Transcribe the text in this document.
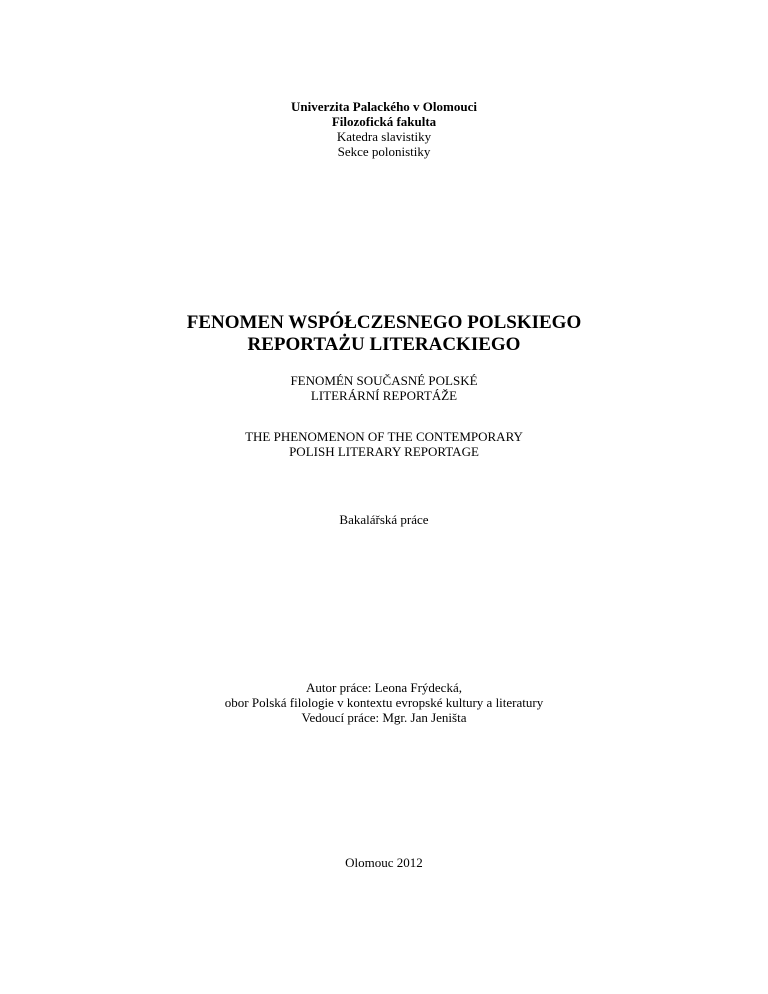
Univerzita Palackého v Olomouci
Filozofická fakulta
Katedra slavistiky
Sekce polonistiky
FENOMEN WSPÓŁCZESNEGO POLSKIEGO
REPORTAŻU LITERACKIEGO
FENOMÉN SOUČASNÉ POLSKÉ
LITERÁRNÍ REPORTÁŽE
THE PHENOMENON OF THE CONTEMPORARY
POLISH LITERARY REPORTAGE
Bakalářská práce
Autor práce: Leona Frýdecká,
obor Polská filologie v kontextu evropské kultury a literatury
Vedoucí práce: Mgr. Jan Jeništa
Olomouc 2012
